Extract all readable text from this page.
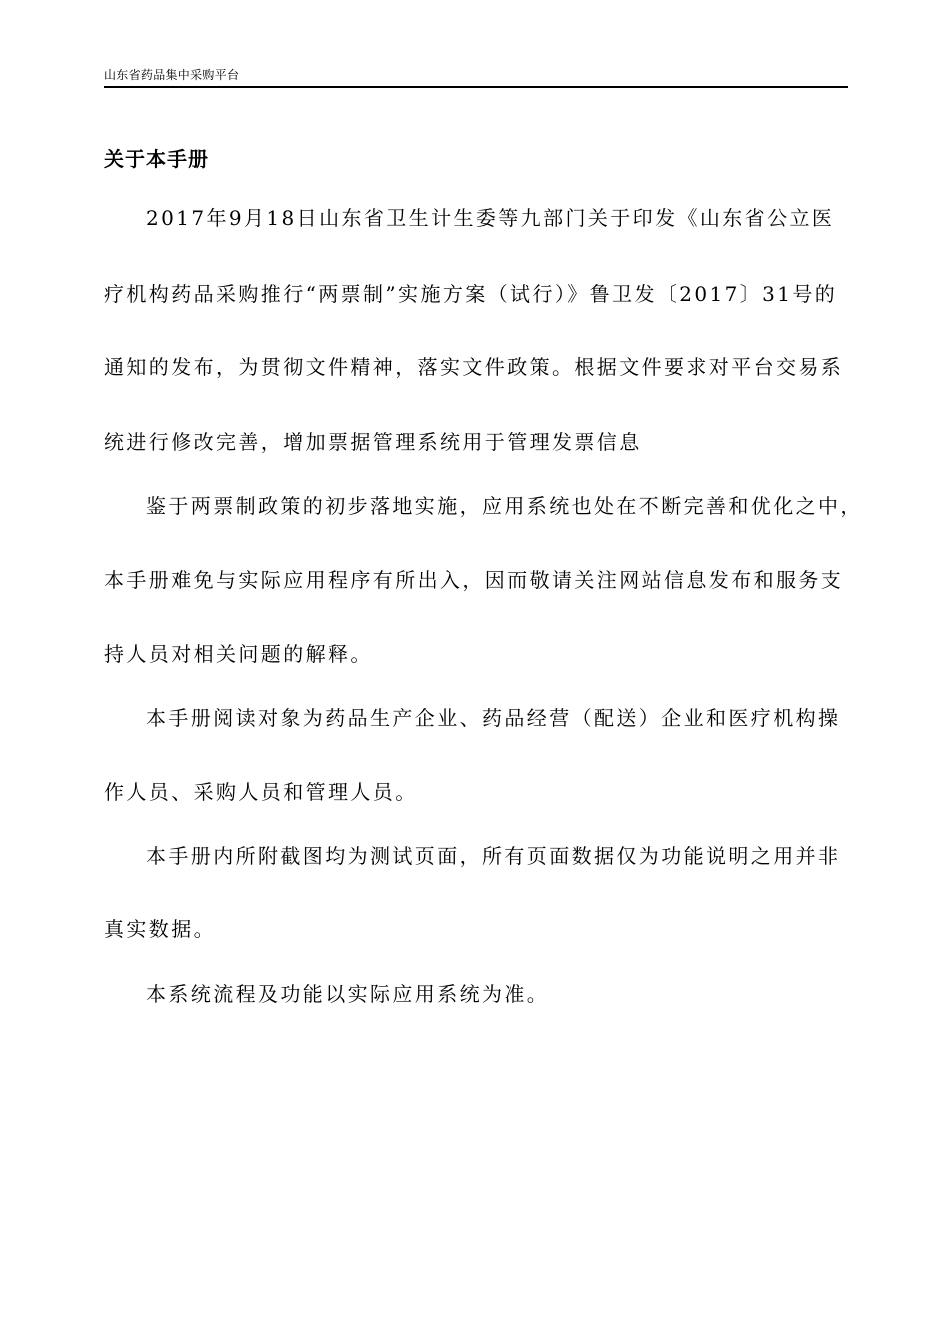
山东省药品集中采购平台
关于本手册
2017年9月18日山东省卫生计生委等九部门关于印发《山东省公立医
疗机构药品采购推行“两票制”实施方案（试行）》鲁卫发〔2017〕31号的
通知的发布，为贯彻文件精神，落实文件政策。根据文件要求对平台交易系
统进行修改完善，增加票据管理系统用于管理发票信息
鉴于两票制政策的初步落地实施，应用系统也处在不断完善和优化之中，
本手册难免与实际应用程序有所出入，因而敬请关注网站信息发布和服务支
持人员对相关问题的解释。
本手册阅读对象为药品生产企业、药品经营（配送）企业和医疗机构操
作人员、采购人员和管理人员。
本手册内所附截图均为测试页面，所有页面数据仅为功能说明之用并非
真实数据。
本系统流程及功能以实际应用系统为准。
